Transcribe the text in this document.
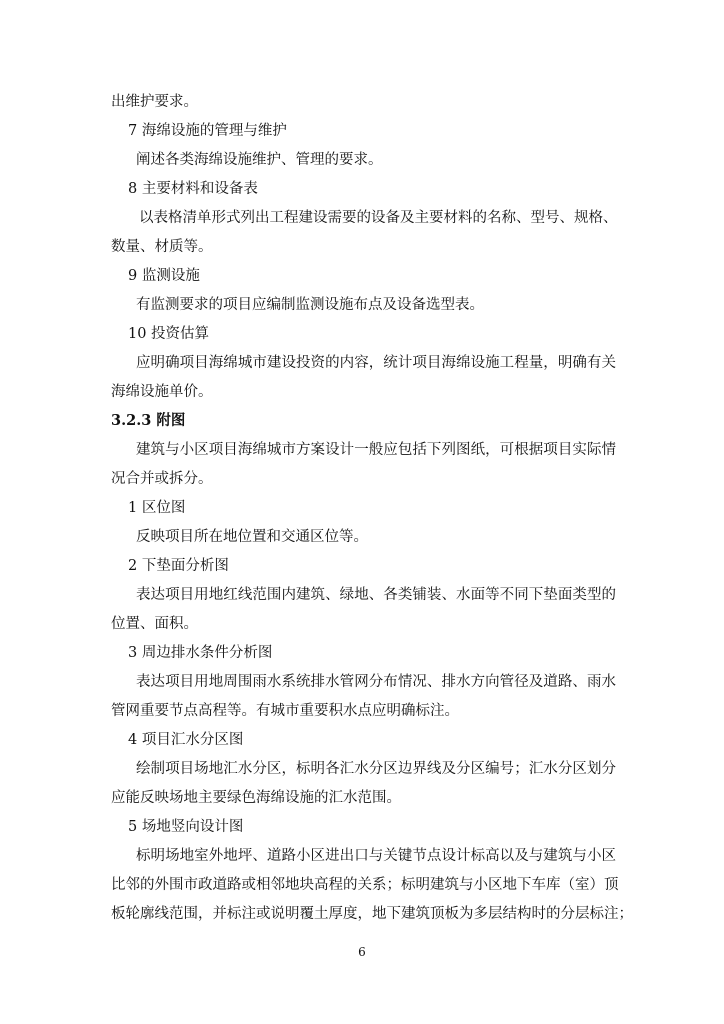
出维护要求。
7 海绵设施的管理与维护
阐述各类海绵设施维护、管理的要求。
8 主要材料和设备表
以表格清单形式列出工程建设需要的设备及主要材料的名称、型号、规格、
数量、材质等。
9 监测设施
有监测要求的项目应编制监测设施布点及设备选型表。
10 投资估算
应明确项目海绵城市建设投资的内容，统计项目海绵设施工程量，明确有关
海绵设施单价。
3.2.3 附图
建筑与小区项目海绵城市方案设计一般应包括下列图纸，可根据项目实际情
况合并或拆分。
1 区位图
反映项目所在地位置和交通区位等。
2 下垫面分析图
表达项目用地红线范围内建筑、绿地、各类铺装、水面等不同下垫面类型的
位置、面积。
3 周边排水条件分析图
表达项目用地周围雨水系统排水管网分布情况、排水方向管径及道路、雨水
管网重要节点高程等。有城市重要积水点应明确标注。
4 项目汇水分区图
绘制项目场地汇水分区，标明各汇水分区边界线及分区编号；汇水分区划分
应能反映场地主要绿色海绵设施的汇水范围。
5 场地竖向设计图
标明场地室外地坪、道路小区进出口与关键节点设计标高以及与建筑与小区
比邻的外围市政道路或相邻地块高程的关系；标明建筑与小区地下车库（室）顶
板轮廓线范围，并标注或说明覆土厚度，地下建筑顶板为多层结构时的分层标注；
6
